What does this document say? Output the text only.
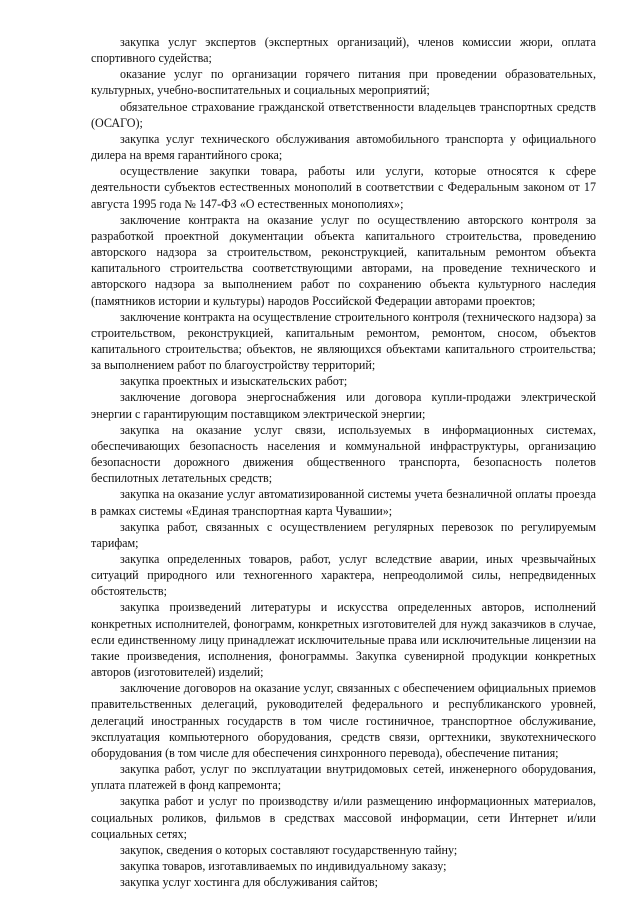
закупка услуг экспертов (экспертных организаций), членов комиссии жюри, оплата спортивного судейства;

оказание услуг по организации горячего питания при проведении образовательных, культурных, учебно-воспитательных и социальных мероприятий;

обязательное страхование гражданской ответственности владельцев транспортных средств (ОСАГО);

закупка услуг технического обслуживания автомобильного транспорта у официального дилера на время гарантийного срока;

осуществление закупки товара, работы или услуги, которые относятся к сфере деятельности субъектов естественных монополий в соответствии с Федеральным законом от 17 августа 1995 года № 147-ФЗ «О естественных монополиях»;

заключение контракта на оказание услуг по осуществлению авторского контроля за разработкой проектной документации объекта капитального строительства, проведению авторского надзора за строительством, реконструкцией, капитальным ремонтом объекта капитального строительства соответствующими авторами, на проведение технического и авторского надзора за выполнением работ по сохранению объекта культурного наследия (памятников истории и культуры) народов Российской Федерации авторами проектов;

заключение контракта на осуществление строительного контроля (технического надзора) за строительством, реконструкцией, капитальным ремонтом, ремонтом, сносом, объектов капитального строительства; объектов, не являющихся объектами капитального строительства; за выполнением работ по благоустройству территорий;

закупка проектных и изыскательских работ;

заключение договора энергоснабжения или договора купли-продажи электрической энергии с гарантирующим поставщиком электрической энергии;

закупка на оказание услуг связи, используемых в информационных системах, обеспечивающих безопасность населения и коммунальной инфраструктуры, организацию безопасности дорожного движения общественного транспорта, безопасность полетов беспилотных летательных средств;

закупка на оказание услуг автоматизированной системы учета безналичной оплаты проезда в рамках системы «Единая транспортная карта Чувашии»;

закупка работ, связанных с осуществлением регулярных перевозок по регулируемым тарифам;

закупка определенных товаров, работ, услуг вследствие аварии, иных чрезвычайных ситуаций природного или техногенного характера, непреодолимой силы, непредвиденных обстоятельств;

закупка произведений литературы и искусства определенных авторов, исполнений конкретных исполнителей, фонограмм, конкретных изготовителей для нужд заказчиков в случае, если единственному лицу принадлежат исключительные права или исключительные лицензии на такие произведения, исполнения, фонограммы. Закупка сувенирной продукции конкретных авторов (изготовителей) изделий;

заключение договоров на оказание услуг, связанных с обеспечением официальных приемов правительственных делегаций, руководителей федерального и республиканского уровней, делегаций иностранных государств в том числе гостиничное, транспортное обслуживание, эксплуатация компьютерного оборудования, средств связи, оргтехники, звукотехнического оборудования (в том числе для обеспечения синхронного перевода), обеспечение питания;

закупка работ, услуг по эксплуатации внутридомовых сетей, инженерного оборудования, уплата платежей в фонд капремонта;

закупка работ и услуг по производству и/или размещению информационных материалов, социальных роликов, фильмов в средствах массовой информации, сети Интернет и/или социальных сетях;

закупок, сведения о которых составляют государственную тайну;

закупка товаров, изготавливаемых по индивидуальному заказу;

закупка услуг хостинга для обслуживания сайтов;
